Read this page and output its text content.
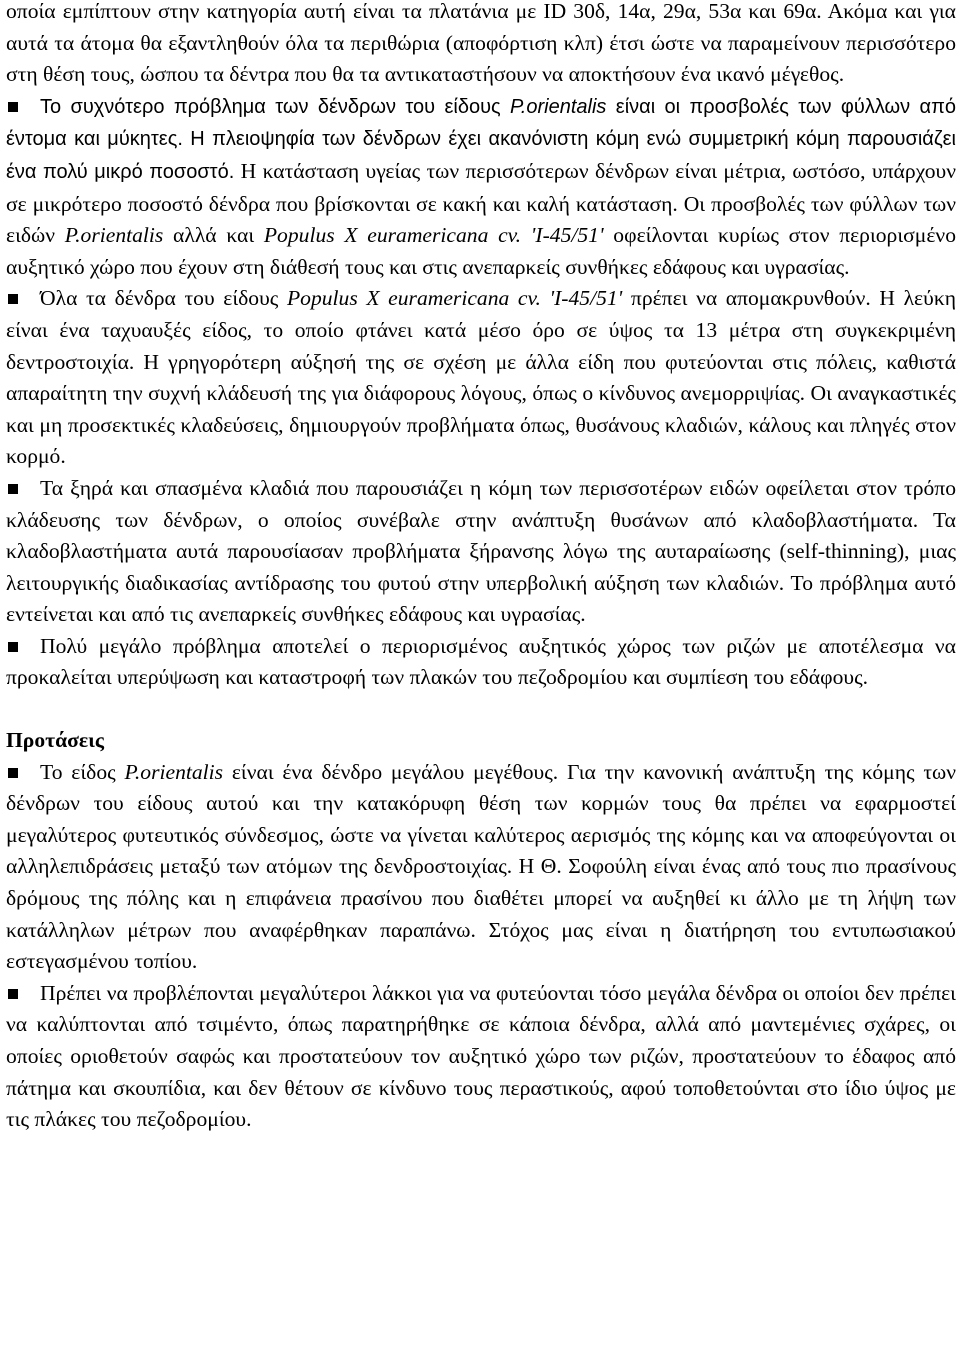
οποία εμπίπτουν στην κατηγορία αυτή είναι τα πλατάνια με ID 30δ, 14α, 29α, 53α και 69α. Ακόμα και για αυτά τα άτομα θα εξαντληθούν όλα τα περιθώρια (αποφόρτιση κλπ) έτσι ώστε να παραμείνουν περισσότερο στη θέση τους, ώσπου τα δέντρα που θα τα αντικαταστήσουν να αποκτήσουν ένα ικανό μέγεθος.

Το συχνότερο πρόβλημα των δένδρων του είδους P.orientalis είναι οι προσβολές των φύλλων από έντομα και μύκητες. Η πλειοψηφία των δένδρων έχει ακανόνιστη κόμη ενώ συμμετρική κόμη παρουσιάζει ένα πολύ μικρό ποσοστό. Η κατάσταση υγείας των περισσότερων δένδρων είναι μέτρια, ωστόσο, υπάρχουν σε μικρότερο ποσοστό δένδρα που βρίσκονται σε κακή και καλή κατάσταση. Οι προσβολές των φύλλων των ειδών P.orientalis αλλά και Populus X euramericana cv. 'I-45/51' οφείλονται κυρίως στον περιορισμένο αυξητικό χώρο που έχουν στη διάθεσή τους και στις ανεπαρκείς συνθήκες εδάφους και υγρασίας.

Όλα τα δένδρα του είδους Populus X euramericana cv. 'I-45/51' πρέπει να απομακρυνθούν. Η λεύκη είναι ένα ταχυαυξές είδος, το οποίο φτάνει κατά μέσο όρο σε ύψος τα 13 μέτρα στη συγκεκριμένη δεντροστοιχία. Η γρηγορότερη αύξησή της σε σχέση με άλλα είδη που φυτεύονται στις πόλεις, καθιστά απαραίτητη την συχνή κλάδευσή της για διάφορους λόγους, όπως ο κίνδυνος ανεμορριψίας. Οι αναγκαστικές και μη προσεκτικές κλαδεύσεις, δημιουργούν προβλήματα όπως, θυσάνους κλαδιών, κάλους και πληγές στον κορμό.

Τα ξηρά και σπασμένα κλαδιά που παρουσιάζει η κόμη των περισσοτέρων ειδών οφείλεται στον τρόπο κλάδευσης των δένδρων, ο οποίος συνέβαλε στην ανάπτυξη θυσάνων από κλαδοβλαστήματα. Τα κλαδοβλαστήματα αυτά παρουσίασαν προβλήματα ξήρανσης λόγω της αυταραίωσης (self-thinning), μιας λειτουργικής διαδικασίας αντίδρασης του φυτού στην υπερβολική αύξηση των κλαδιών. Το πρόβλημα αυτό εντείνεται και από τις ανεπαρκείς συνθήκες εδάφους και υγρασίας.

Πολύ μεγάλο πρόβλημα αποτελεί ο περιορισμένος αυξητικός χώρος των ριζών με αποτέλεσμα να προκαλείται υπερύψωση και καταστροφή των πλακών του πεζοδρομίου και συμπίεση του εδάφους.

Προτάσεις

Το είδος P.orientalis είναι ένα δένδρο μεγάλου μεγέθους. Για την κανονική ανάπτυξη της κόμης των δένδρων του είδους αυτού και την κατακόρυφη θέση των κορμών τους θα πρέπει να εφαρμοστεί μεγαλύτερος φυτευτικός σύνδεσμος, ώστε να γίνεται καλύτερος αερισμός της κόμης και να αποφεύγονται οι αλληλεπιδράσεις μεταξύ των ατόμων της δενδροστοιχίας. Η Θ. Σοφούλη είναι ένας από τους πιο πρασίνους δρόμους της πόλης και η επιφάνεια πρασίνου που διαθέτει μπορεί να αυξηθεί κι άλλο με τη λήψη των κατάλληλων μέτρων που αναφέρθηκαν παραπάνω. Στόχος μας είναι η διατήρηση του εντυπωσιακού εστεγασμένου τοπίου.

Πρέπει να προβλέπονται μεγαλύτεροι λάκκοι για να φυτεύονται τόσο μεγάλα δένδρα οι οποίοι δεν πρέπει να καλύπτονται από τσιμέντο, όπως παρατηρήθηκε σε κάποια δένδρα, αλλά από μαντεμένιες σχάρες, οι οποίες οριοθετούν σαφώς και προστατεύουν τον αυξητικό χώρο των ριζών, προστατεύουν το έδαφος από πάτημα και σκουπίδια, και δεν θέτουν σε κίνδυνο τους περαστικούς, αφού τοποθετούνται στο ίδιο ύψος με τις πλάκες του πεζοδρομίου.
